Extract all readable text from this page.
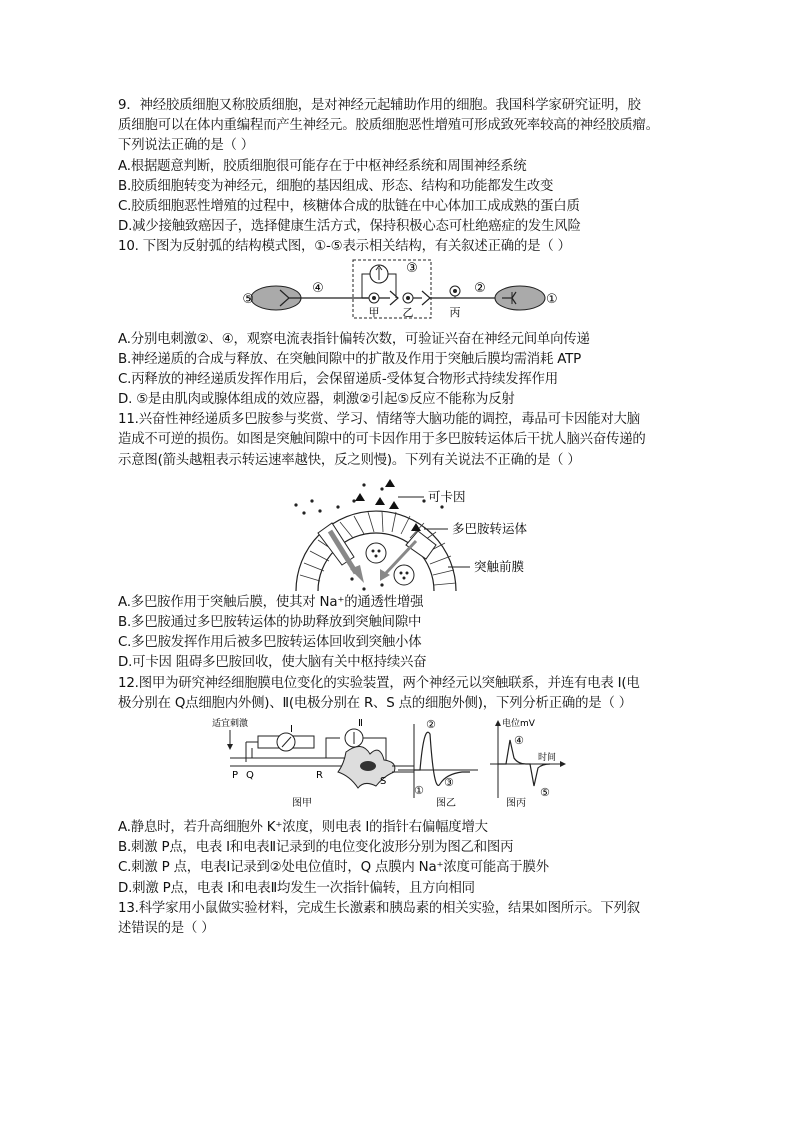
9．神经胶质细胞又称胶质细胞，是对神经元起辅助作用的细胞。我国科学家研究证明，胶
质细胞可以在体内重编程而产生神经元。胶质细胞恶性增殖可形成致死率较高的神经胶质瘤。
下列说法正确的是（ ）
A.根据题意判断，胶质细胞很可能存在于中枢神经系统和周围神经系统
B.胶质细胞转变为神经元，细胞的基因组成、形态、结构和功能都发生改变
C.胶质细胞恶性增殖的过程中，核糖体合成的肽链在中心体加工成成熟的蛋白质
D.减少接触致癌因子，选择健康生活方式，保持积极心态可杜绝癌症的发生风险
10. 下图为反射弧的结构模式图，①-⑤表示相关结构，有关叙述正确的是（ ）
⑤
④
③
②
①
甲 乙	丙
A.分别电刺激②、④，观察电流表指针偏转次数，可验证兴奋在神经元间单向传递
B.神经递质的合成与释放、在突触间隙中的扩散及作用于突触后膜均需消耗 ATP
C.丙释放的神经递质发挥作用后，会保留递质-受体复合物形式持续发挥作用
D. ⑤是由肌肉或腺体组成的效应器，刺激②引起⑤反应不能称为反射
11.兴奋性神经递质多巴胺参与奖赏、学习、情绪等大脑功能的调控，毒品可卡因能对大脑
造成不可逆的损伤。如图是突触间隙中的可卡因作用于多巴胺转运体后干扰人脑兴奋传递的
示意图(箭头越粗表示转运速率越快，反之则慢)。下列有关说法不正确的是（ ）
可卡因
多巴胺转运体
突触前膜
A.多巴胺作用于突触后膜，使其对 Na⁺的通透性增强
B.多巴胺通过多巴胺转运体的协助释放到突触间隙中
C.多巴胺发挥作用后被多巴胺转运体回收到突触小体
D.可卡因 阻碍多巴胺回收，使大脑有关中枢持续兴奋
12.图甲为研究神经细胞膜电位变化的实验装置，两个神经元以突触联系，并连有电表 I(电
极分别在 Q点细胞内外侧)、Ⅱ(电极分别在 R、S 点的细胞外侧)，下列分析正确的是（ ）
适宜刺激	I
Ⅱ
P Q	R
S
图甲
②
①
③
图乙
电位mV
④
时间
⑤
图丙
A.静息时，若升高细胞外 K⁺浓度，则电表 I的指针右偏幅度增大
B.刺激 P点，电表 I和电表Ⅱ记录到的电位变化波形分别为图乙和图丙
C.刺激 P 点，电表Ⅰ记录到②处电位值时，Q 点膜内 Na⁺浓度可能高于膜外
D.刺激 P点，电表 I和电表Ⅱ均发生一次指针偏转，且方向相同
13.科学家用小鼠做实验材料，完成生长激素和胰岛素的相关实验，结果如图所示。下列叙
述错误的是（ ）
